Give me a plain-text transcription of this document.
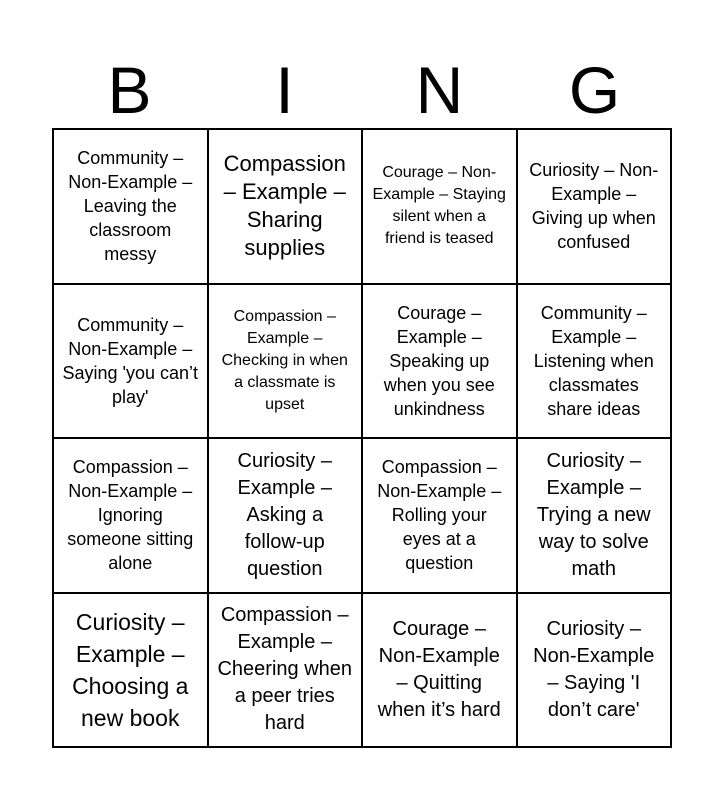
B	I	N	G
Community – Non-Example – Leaving the classroom messy
Compassion – Example – Sharing supplies
Courage – Non-Example – Staying silent when a friend is teased
Curiosity – Non-Example – Giving up when confused
Community – Non-Example – Saying 'you can’t play'
Compassion – Example – Checking in when a classmate is upset
Courage – Example – Speaking up when you see unkindness
Community – Example – Listening when classmates share ideas
Compassion – Non-Example – Ignoring someone sitting alone
Curiosity – Example – Asking a follow-up question
Compassion – Non-Example – Rolling your eyes at a question
Curiosity – Example – Trying a new way to solve math
Curiosity – Example – Choosing a new book
Compassion – Example – Cheering when a peer tries hard
Courage – Non-Example – Quitting when it’s hard
Curiosity – Non-Example – Saying 'I don’t care'
